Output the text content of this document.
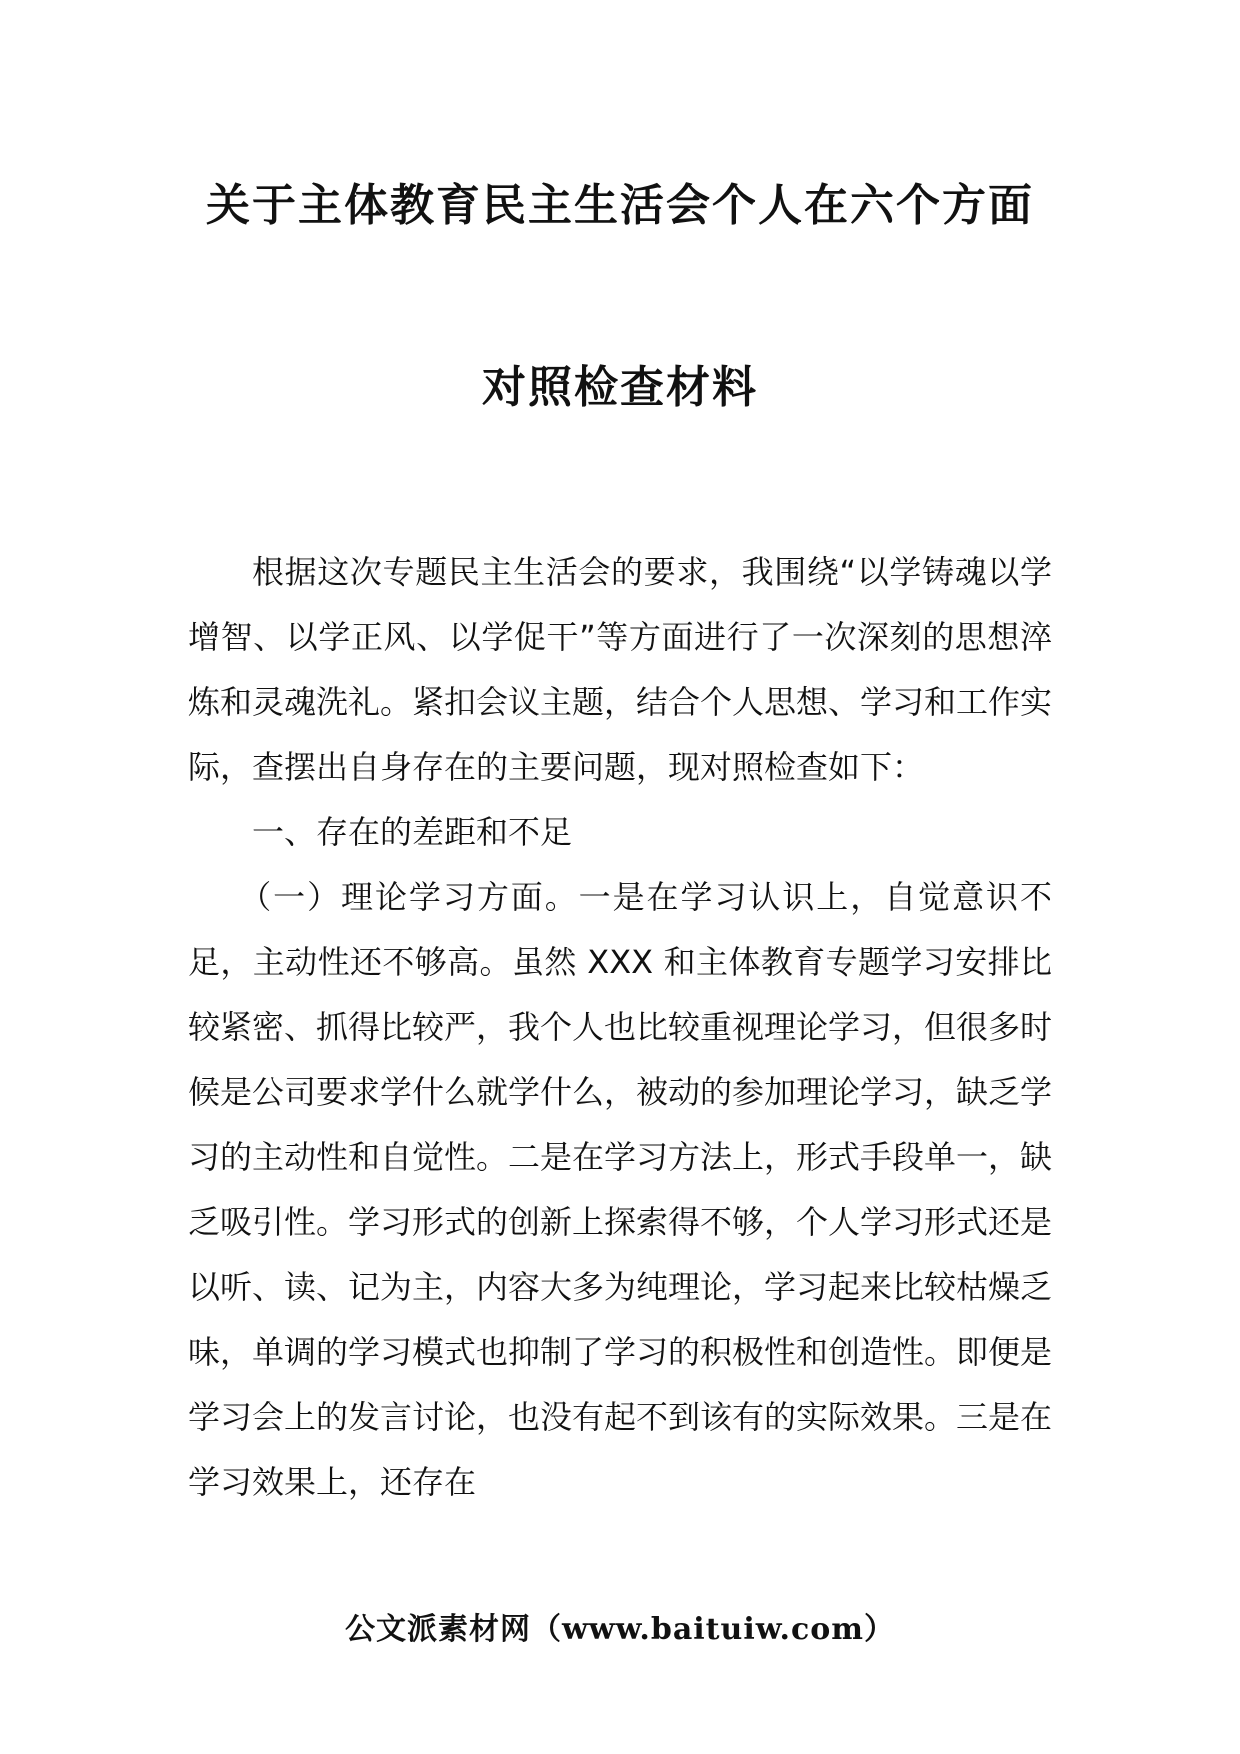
关于主体教育民主生活会个人在六个方面
对照检查材料

根据这次专题民主生活会的要求，我围绕“以学铸魂以学增智、以学正风、以学促干”等方面进行了一次深刻的思想淬炼和灵魂洗礼。紧扣会议主题，结合个人思想、学习和工作实际，查摆出自身存在的主要问题，现对照检查如下：

一、存在的差距和不足

（一）理论学习方面。一是在学习认识上，自觉意识不足，主动性还不够高。虽然 XXX 和主体教育专题学习安排比较紧密、抓得比较严，我个人也比较重视理论学习，但很多时候是公司要求学什么就学什么，被动的参加理论学习，缺乏学习的主动性和自觉性。二是在学习方法上，形式手段单一，缺乏吸引性。学习形式的创新上探索得不够，个人学习形式还是以听、读、记为主，内容大多为纯理论，学习起来比较枯燥乏味，单调的学习模式也抑制了学习的积极性和创造性。即便是学习会上的发言讨论，也没有起不到该有的实际效果。三是在学习效果上，还存在

公文派素材网（www.baituiw.com）
